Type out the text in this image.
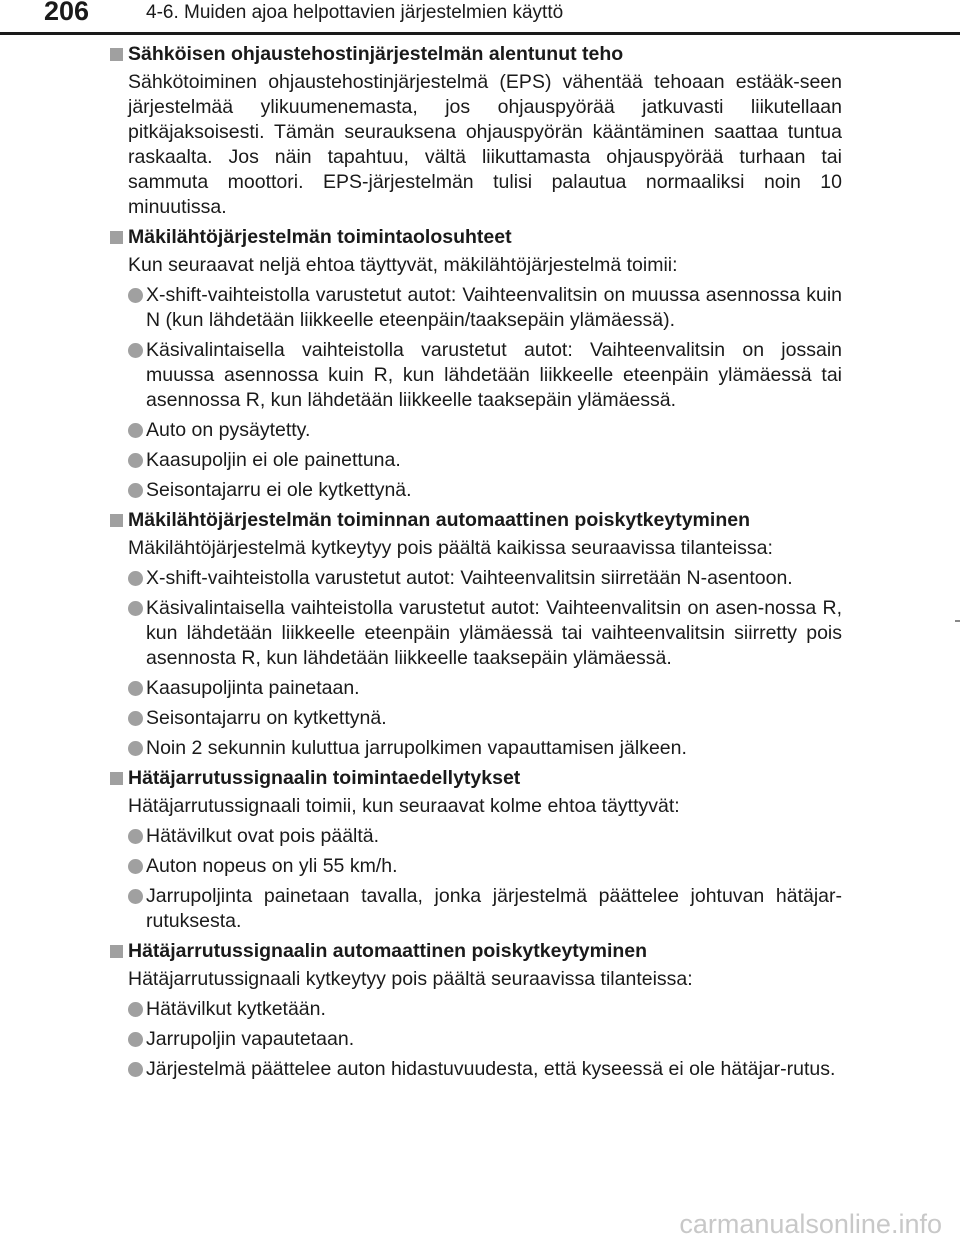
206	4-6. Muiden ajoa helpottavien järjestelmien käyttö
Sähköisen ohjaustehostinjärjestelmän alentunut teho
Sähkötoiminen ohjaustehostinjärjestelmä (EPS) vähentää tehoaan estääk-seen järjestelmää ylikuumenemasta, jos ohjauspyörää jatkuvasti liikutellaan pitkäjaksoisesti. Tämän seurauksena ohjauspyörän kääntäminen saattaa tuntua raskaalta. Jos näin tapahtuu, vältä liikuttamasta ohjauspyörää turhaan tai sammuta moottori. EPS-järjestelmän tulisi palautua normaaliksi noin 10 minuutissa.
Mäkilähtöjärjestelmän toimintaolosuhteet
Kun seuraavat neljä ehtoa täyttyvät, mäkilähtöjärjestelmä toimii:
X-shift-vaihteistolla varustetut autot: Vaihteenvalitsin on muussa asennossa kuin N (kun lähdetään liikkeelle eteenpäin/taaksepäin ylämäessä).
Käsivalintaisella vaihteistolla varustetut autot: Vaihteenvalitsin on jossain muussa asennossa kuin R, kun lähdetään liikkeelle eteenpäin ylämäessä tai asennossa R, kun lähdetään liikkeelle taaksepäin ylämäessä.
Auto on pysäytetty.
Kaasupoljin ei ole painettuna.
Seisontajarru ei ole kytkettynä.
Mäkilähtöjärjestelmän toiminnan automaattinen poiskytkeytyminen
Mäkilähtöjärjestelmä kytkeytyy pois päältä kaikissa seuraavissa tilanteissa:
X-shift-vaihteistolla varustetut autot: Vaihteenvalitsin siirretään N-asentoon.
Käsivalintaisella vaihteistolla varustetut autot: Vaihteenvalitsin on asen-nossa R, kun lähdetään liikkeelle eteenpäin ylämäessä tai vaihteenvalitsin siirretty pois asennosta R, kun lähdetään liikkeelle taaksepäin ylämäessä.
Kaasupoljinta painetaan.
Seisontajarru on kytkettynä.
Noin 2 sekunnin kuluttua jarrupolkimen vapauttamisen jälkeen.
Hätäjarrutussignaalin toimintaedellytykset
Hätäjarrutussignaali toimii, kun seuraavat kolme ehtoa täyttyvät:
Hätävilkut ovat pois päältä.
Auton nopeus on yli 55 km/h.
Jarrupoljinta painetaan tavalla, jonka järjestelmä päättelee johtuvan hätäjar-rutuksesta.
Hätäjarrutussignaalin automaattinen poiskytkeytyminen
Hätäjarrutussignaali kytkeytyy pois päältä seuraavissa tilanteissa:
Hätävilkut kytketään.
Jarrupoljin vapautetaan.
Järjestelmä päättelee auton hidastuvuudesta, että kyseessä ei ole hätäjar-rutus.
carmanualsonline.info
